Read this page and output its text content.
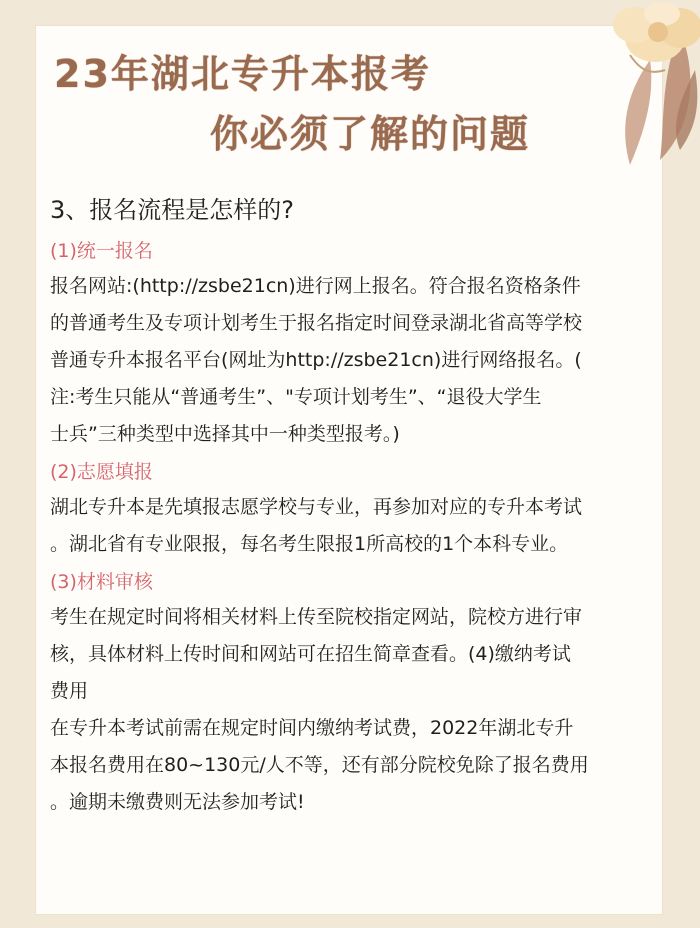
23年湖北专升本报考
你必须了解的问题
3、报名流程是怎样的?
(1)统一报名
报名网站:(http://zsbe21cn)进行网上报名。符合报名资格条件
的普通考生及专项计划考生于报名指定时间登录湖北省高等学校
普通专升本报名平台(网址为http://zsbe21cn)进行网络报名。(
注:考生只能从“普通考生”、"专项计划考生”、“退役大学生
士兵”三种类型中选择其中一种类型报考。)
(2)志愿填报
湖北专升本是先填报志愿学校与专业，再参加对应的专升本考试
。湖北省有专业限报，每名考生限报1所高校的1个本科专业。
(3)材料审核
考生在规定时间将相关材料上传至院校指定网站，院校方进行审
核，具体材料上传时间和网站可在招生简章查看。(4)缴纳考试
费用
在专升本考试前需在规定时间内缴纳考试费，2022年湖北专升
本报名费用在80~130元/人不等，还有部分院校免除了报名费用
。逾期未缴费则无法参加考试!
